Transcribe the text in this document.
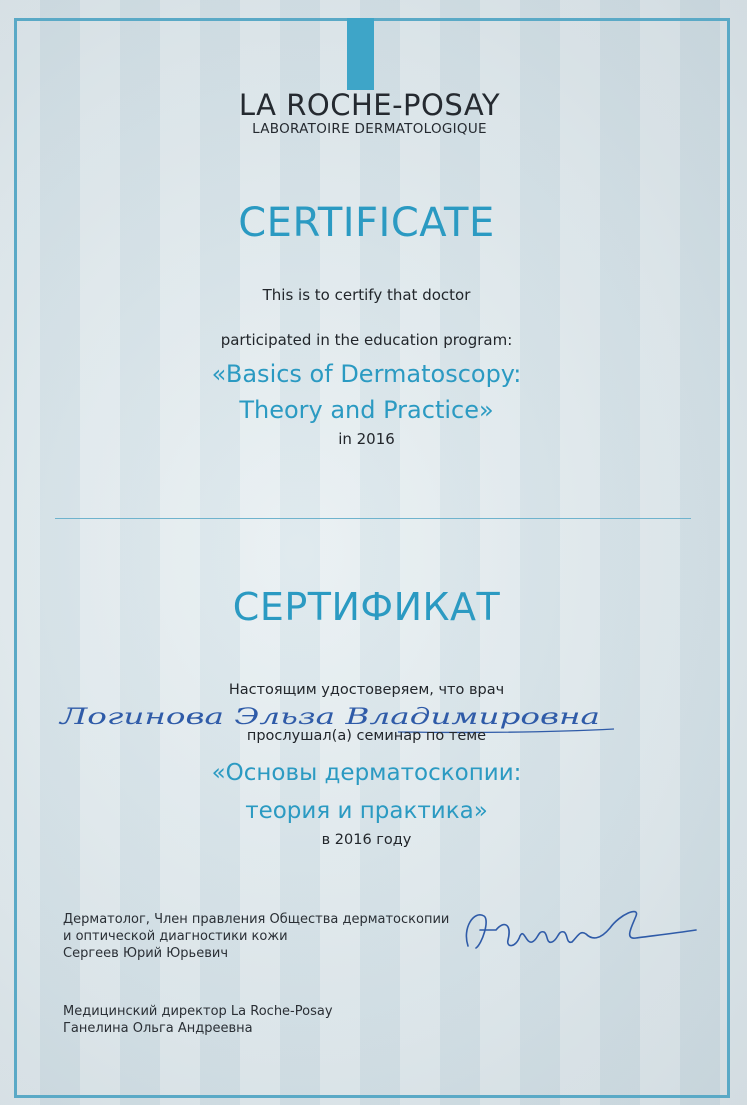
LA ROCHE-POSAY
LABORATOIRE DERMATOLOGIQUE
CERTIFICATE
This is to certify that doctor
participated in the education program:
«Basics of Dermatoscopy:
Theory and Practice»
in 2016
СЕРТИФИКАТ
Настоящим удостоверяем, что врач
Логинова Эльза Владимировна
прослушал(а) семинар по теме
«Основы дерматоскопии:
теория и практика»
в 2016 году
Дерматолог, Член правления Общества дерматоскопии
и оптической диагностики кожи
Сергеев Юрий Юрьевич
Медицинский директор La Roche-Posay
Ганелина Ольга Андреевна
